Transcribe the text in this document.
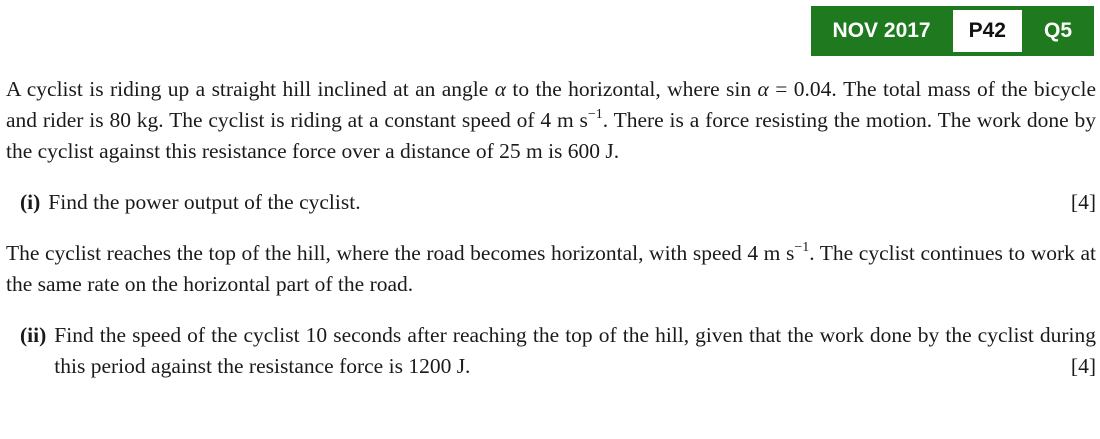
NOV 2017	P42	Q5

A cyclist is riding up a straight hill inclined at an angle α to the horizontal, where sin α = 0.04. The total mass of the bicycle and rider is 80 kg. The cyclist is riding at a constant speed of 4 m $s^{-1}$. There is a force resisting the motion. The work done by the cyclist against this resistance force over a distance of 25 m is 600 J.

(i)	[4]
Find the power output of the cyclist.

The cyclist reaches the top of the hill, where the road becomes horizontal, with speed 4 m $s^{-1}$. The cyclist continues to work at the same rate on the horizontal part of the road.

(ii) Find the speed of the cyclist 10 seconds after reaching the top of the hill, given that the work done by the cyclist during this period against the resistance force is 1200 J.	[4]
